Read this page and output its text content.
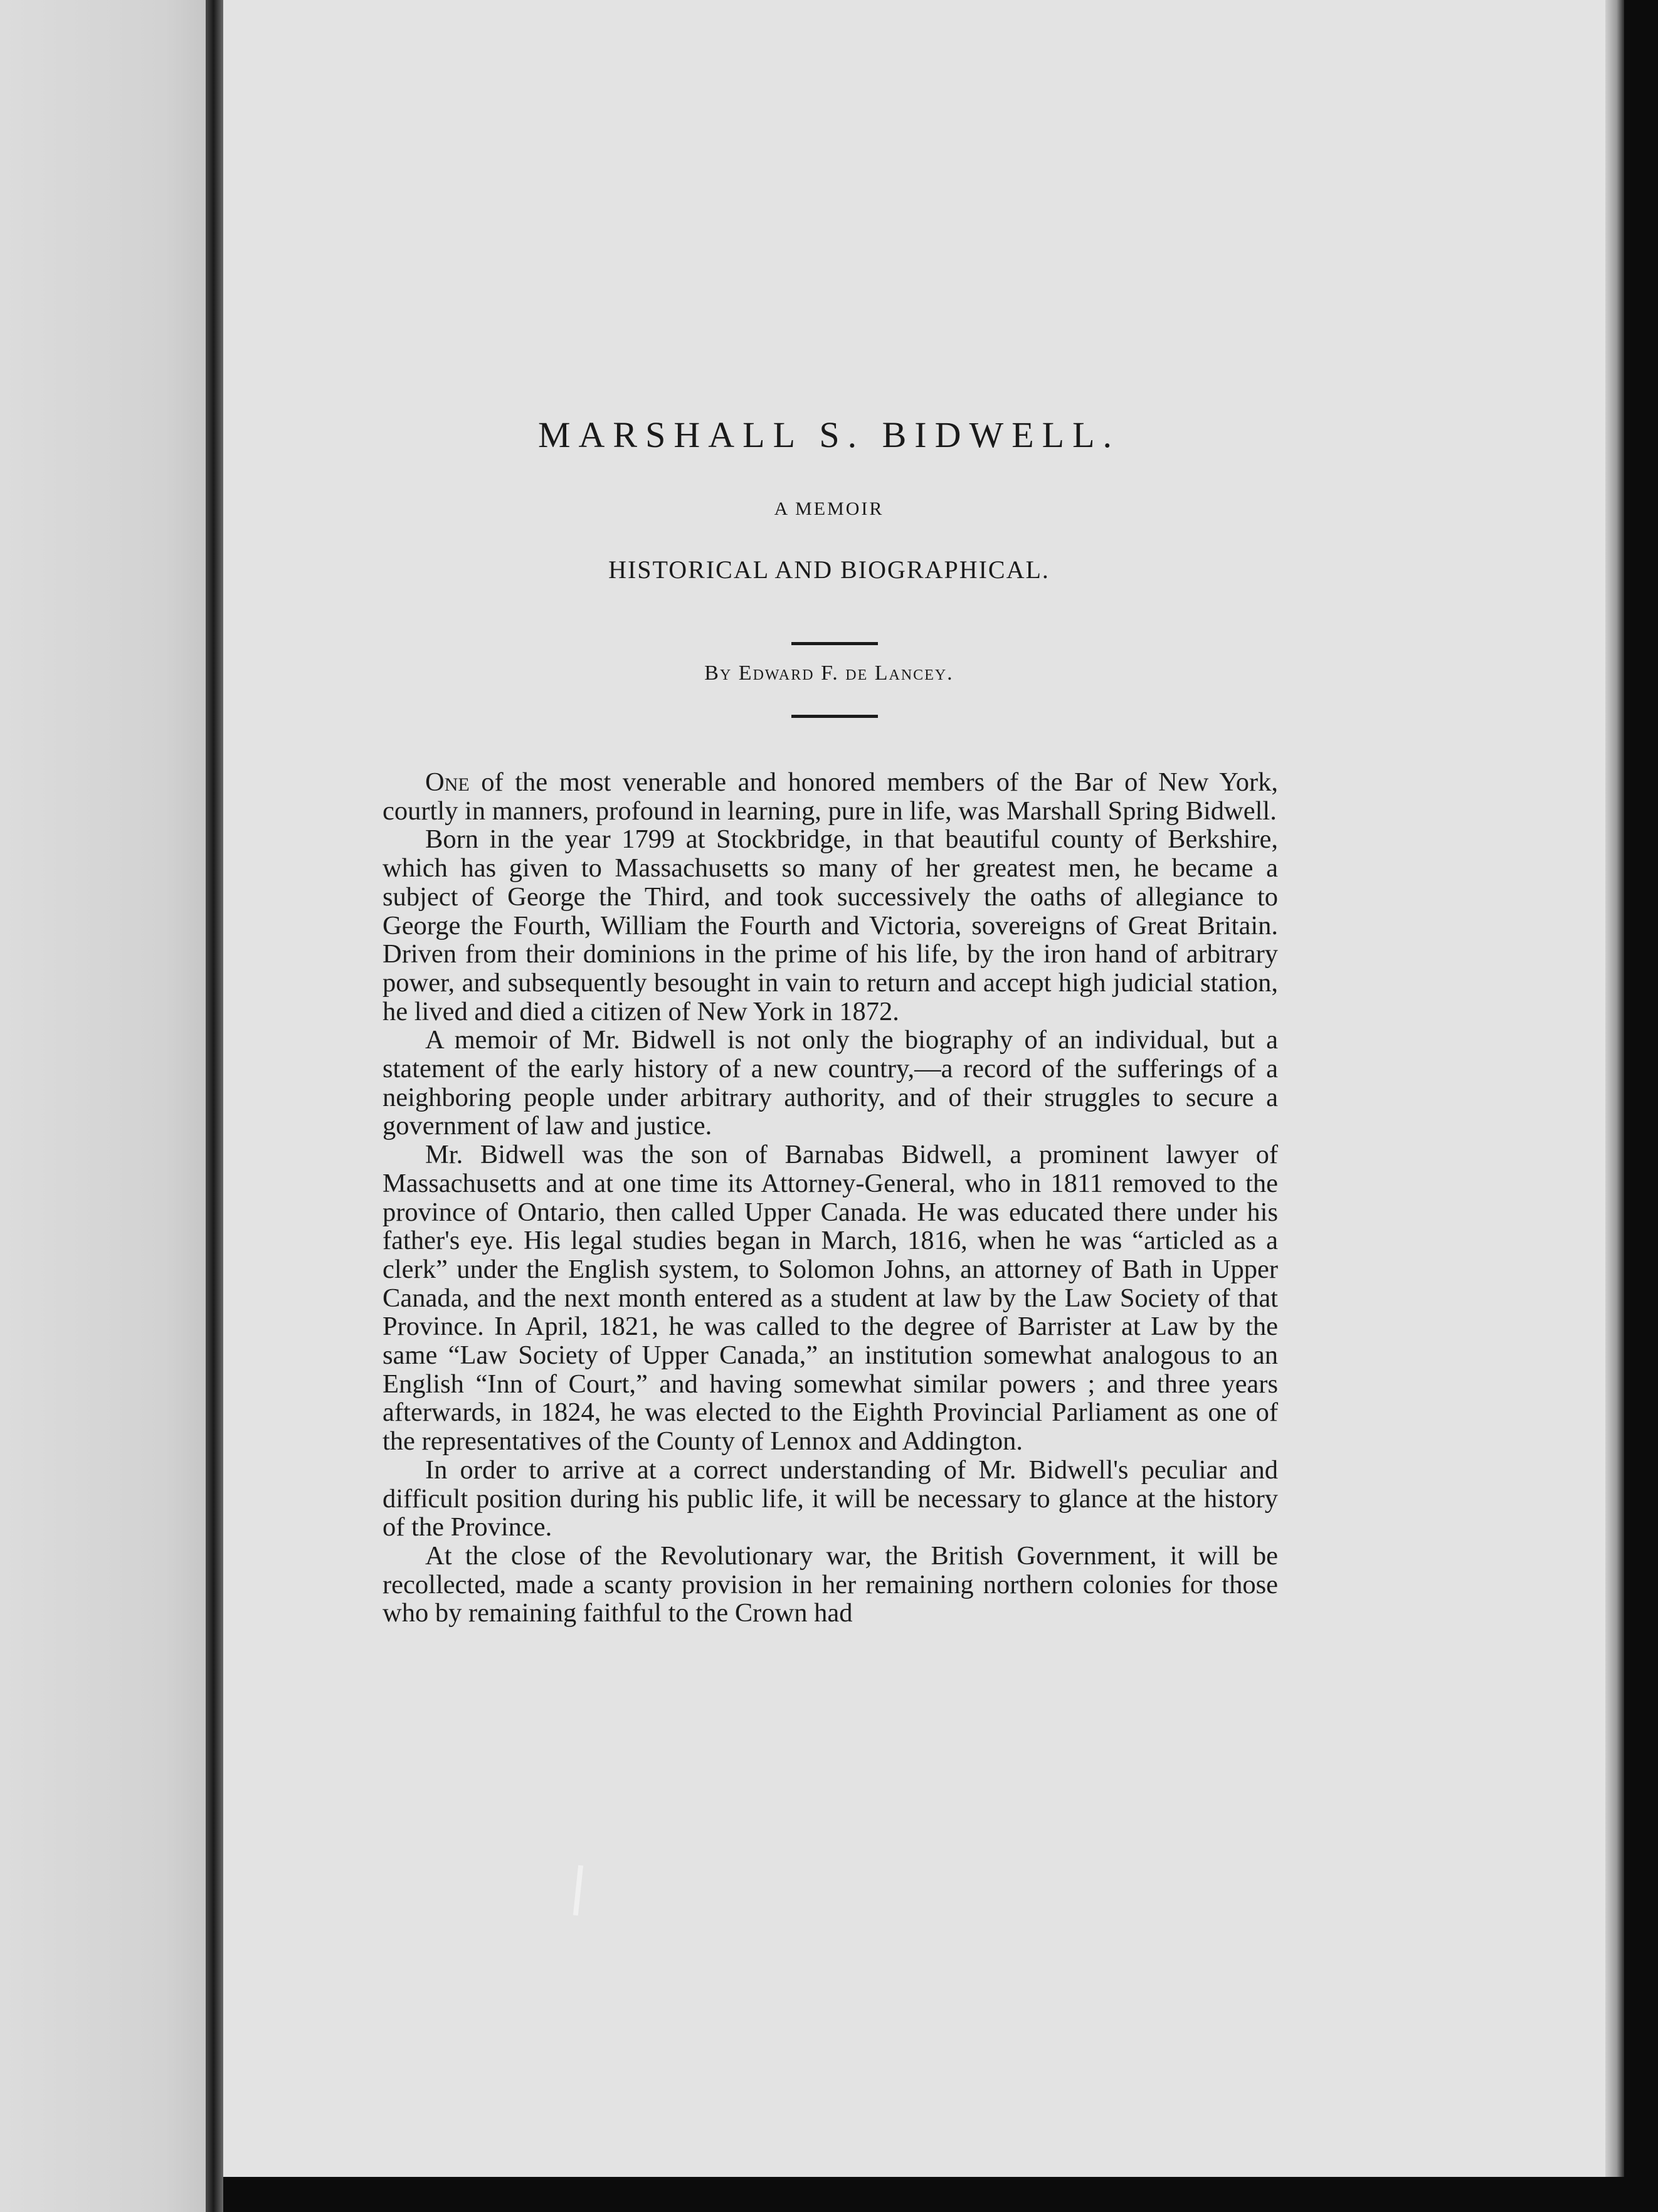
MARSHALL S. BIDWELL.
A MEMOIR
HISTORICAL AND BIOGRAPHICAL.
By Edward F. de Lancey.

One of the most venerable and honored members of the Bar of New York, courtly in manners, profound in learning, pure in life, was Marshall Spring Bidwell.

Born in the year 1799 at Stockbridge, in that beautiful county of Berkshire, which has given to Massachusetts so many of her greatest men, he became a subject of George the Third, and took successively the oaths of allegiance to George the Fourth, William the Fourth and Victoria, sovereigns of Great Britain. Driven from their dominions in the prime of his life, by the iron hand of arbitrary power, and subsequently besought in vain to return and accept high judicial station, he lived and died a citizen of New York in 1872.

A memoir of Mr. Bidwell is not only the biography of an individual, but a statement of the early history of a new country,—a record of the sufferings of a neighboring people under arbitrary authority, and of their struggles to secure a government of law and justice.

Mr. Bidwell was the son of Barnabas Bidwell, a prominent lawyer of Massachusetts and at one time its Attorney-General, who in 1811 removed to the province of Ontario, then called Upper Canada. He was educated there under his father's eye. His legal studies began in March, 1816, when he was “articled as a clerk” under the English system, to Solomon Johns, an attorney of Bath in Upper Canada, and the next month entered as a student at law by the Law Society of that Province. In April, 1821, he was called to the degree of Barrister at Law by the same “Law Society of Upper Canada,” an institution somewhat analogous to an English “Inn of Court,” and having somewhat similar powers ; and three years afterwards, in 1824, he was elected to the Eighth Provincial Parliament as one of the representatives of the County of Lennox and Addington.

In order to arrive at a correct understanding of Mr. Bidwell's peculiar and difficult position during his public life, it will be necessary to glance at the history of the Province.

At the close of the Revolutionary war, the British Government, it will be recollected, made a scanty provision in her remaining northern colonies for those who by remaining faithful to the Crown had
